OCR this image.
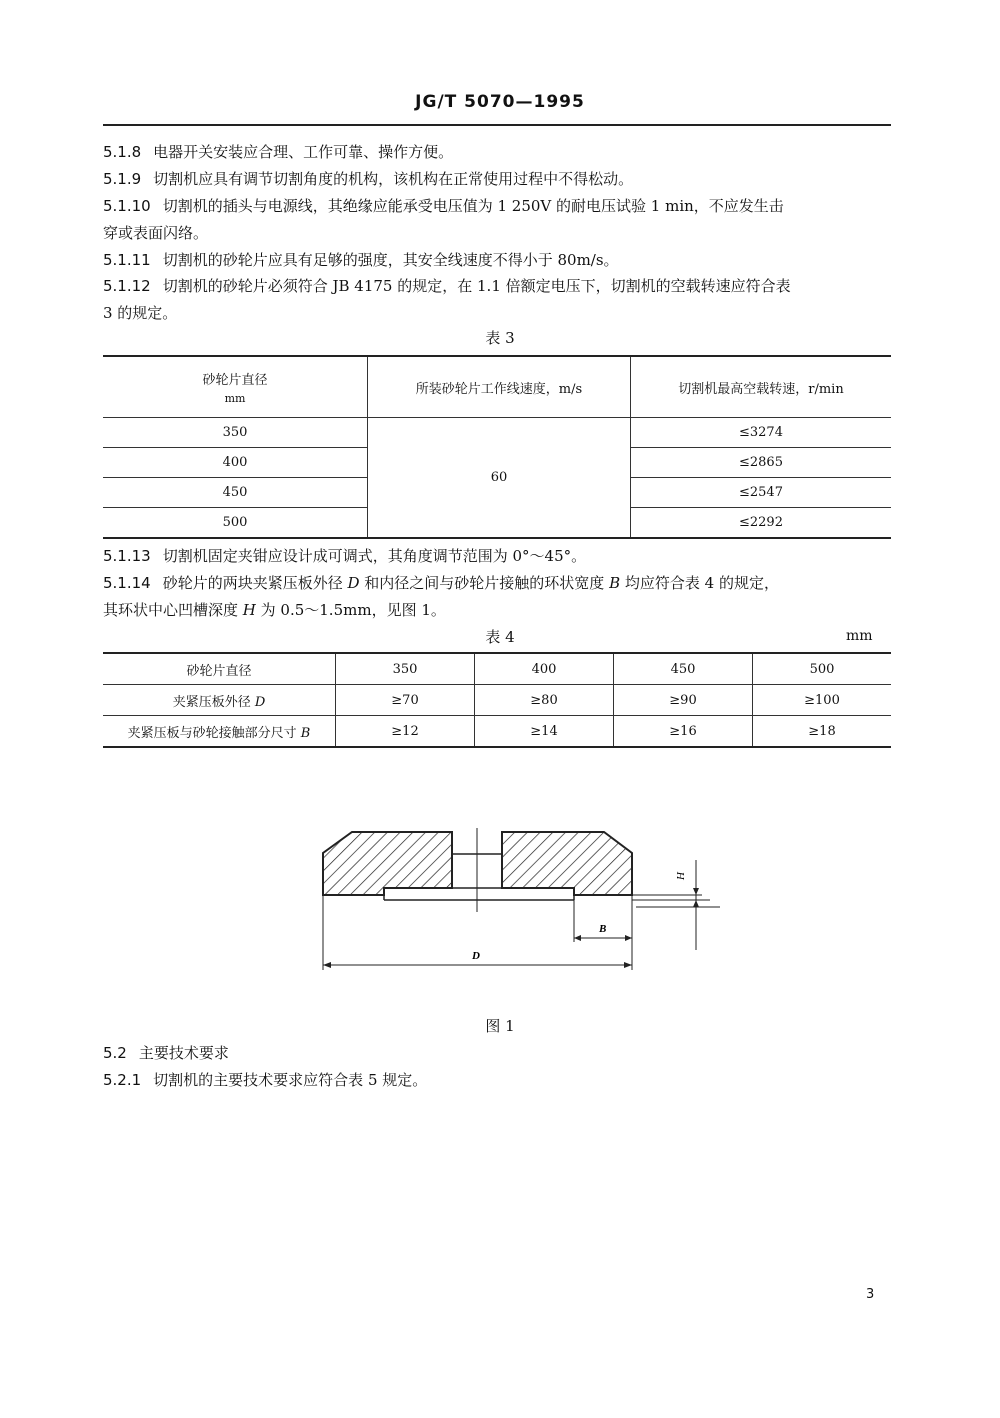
JG/T 5070—1995
5.1.8 电器开关安装应合理、工作可靠、操作方便。
5.1.9 切割机应具有调节切割角度的机构，该机构在正常使用过程中不得松动。
5.1.10 切割机的插头与电源线，其绝缘应能承受电压值为 1 250V 的耐电压试验 1 min，不应发生击
穿或表面闪络。
5.1.11 切割机的砂轮片应具有足够的强度，其安全线速度不得小于 80m/s。
5.1.12 切割机的砂轮片必须符合 JB 4175 的规定，在 1.1 倍额定电压下，切割机的空载转速应符合表
3 的规定。
表 3
砂轮片直径
mm	所装砂轮片工作线速度，m/s	切割机最高空载转速，r/min
350	60	≤3274
400		≤2865
450		≤2547
500		≤2292
5.1.13 切割机固定夹钳应设计成可调式，其角度调节范围为 0°～45°。
5.1.14 砂轮片的两块夹紧压板外径 D 和内径之间与砂轮片接触的环状宽度 B 均应符合表 4 的规定，
其环状中心凹槽深度 H 为 0.5～1.5mm，见图 1。
表 4	mm
砂轮片直径	350	400	450	500
夹紧压板外径 D	≥70	≥80	≥90	≥100
夹紧压板与砂轮接触部分尺寸 B	≥12	≥14	≥16	≥18
H
B
D
图 1
5.2 主要技术要求
5.2.1 切割机的主要技术要求应符合表 5 规定。
3
